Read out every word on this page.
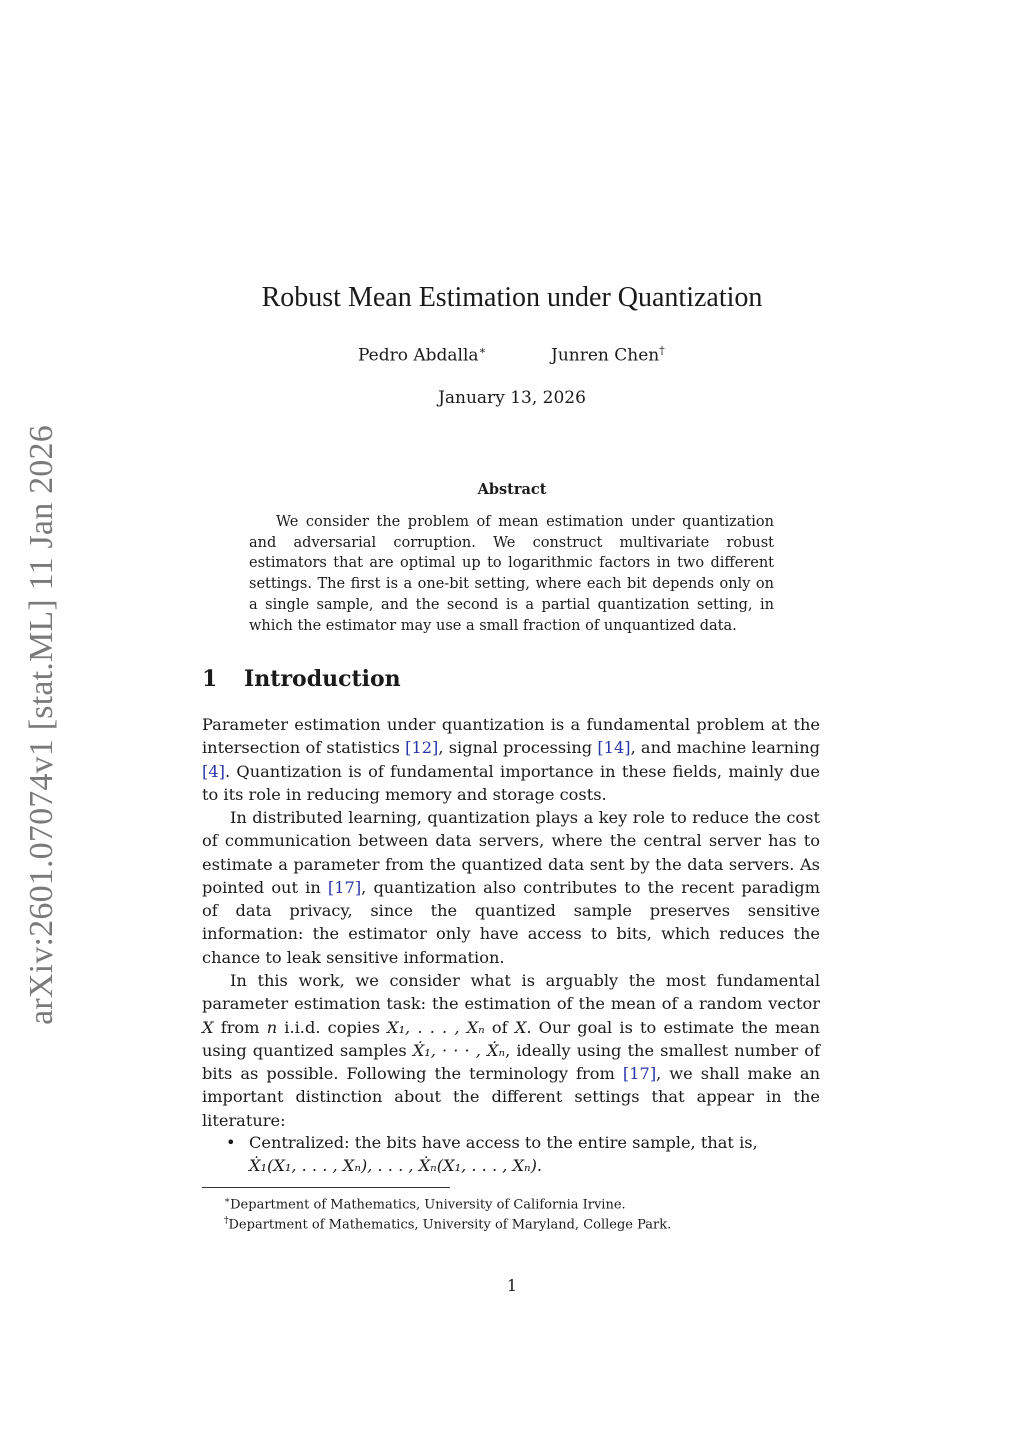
arXiv:2601.07074v1 [stat.ML] 11 Jan 2026
Robust Mean Estimation under Quantization
Pedro Abdalla∗	Junren Chen†
January 13, 2026
Abstract
We consider the problem of mean estimation under quantization and adversarial corruption. We construct multivariate robust estimators that are optimal up to logarithmic factors in two different settings. The first is a one-bit setting, where each bit depends only on a single sample, and the second is a partial quantization setting, in which the estimator may use a small fraction of unquantized data.
1 Introduction

Parameter estimation under quantization is a fundamental problem at the intersection of statistics [12], signal processing [14], and machine learning [4]. Quantization is of fundamental importance in these fields, mainly due to its role in reducing memory and storage costs.

In distributed learning, quantization plays a key role to reduce the cost of communication between data servers, where the central server has to estimate a parameter from the quantized data sent by the data servers. As pointed out in [17], quantization also contributes to the recent paradigm of data privacy, since the quantized sample preserves sensitive information: the estimator only have access to bits, which reduces the chance to leak sensitive information.

In this work, we consider what is arguably the most fundamental parameter estimation task: the estimation of the mean of a random vector X from n i.i.d. copies X₁, . . . , Xₙ of X. Our goal is to estimate the mean using quantized samples Ẋ₁, · · · , Ẋₙ, ideally using the smallest number of bits as possible. Following the terminology from [17], we shall make an important distinction about the different settings that appear in the literature:

• Centralized: the bits have access to the entire sample, that is,
Ẋ₁(X₁, . . . , Xₙ), . . . , Ẋₙ(X₁, . . . , Xₙ).
∗Department of Mathematics, University of California Irvine.
†Department of Mathematics, University of Maryland, College Park.
1
